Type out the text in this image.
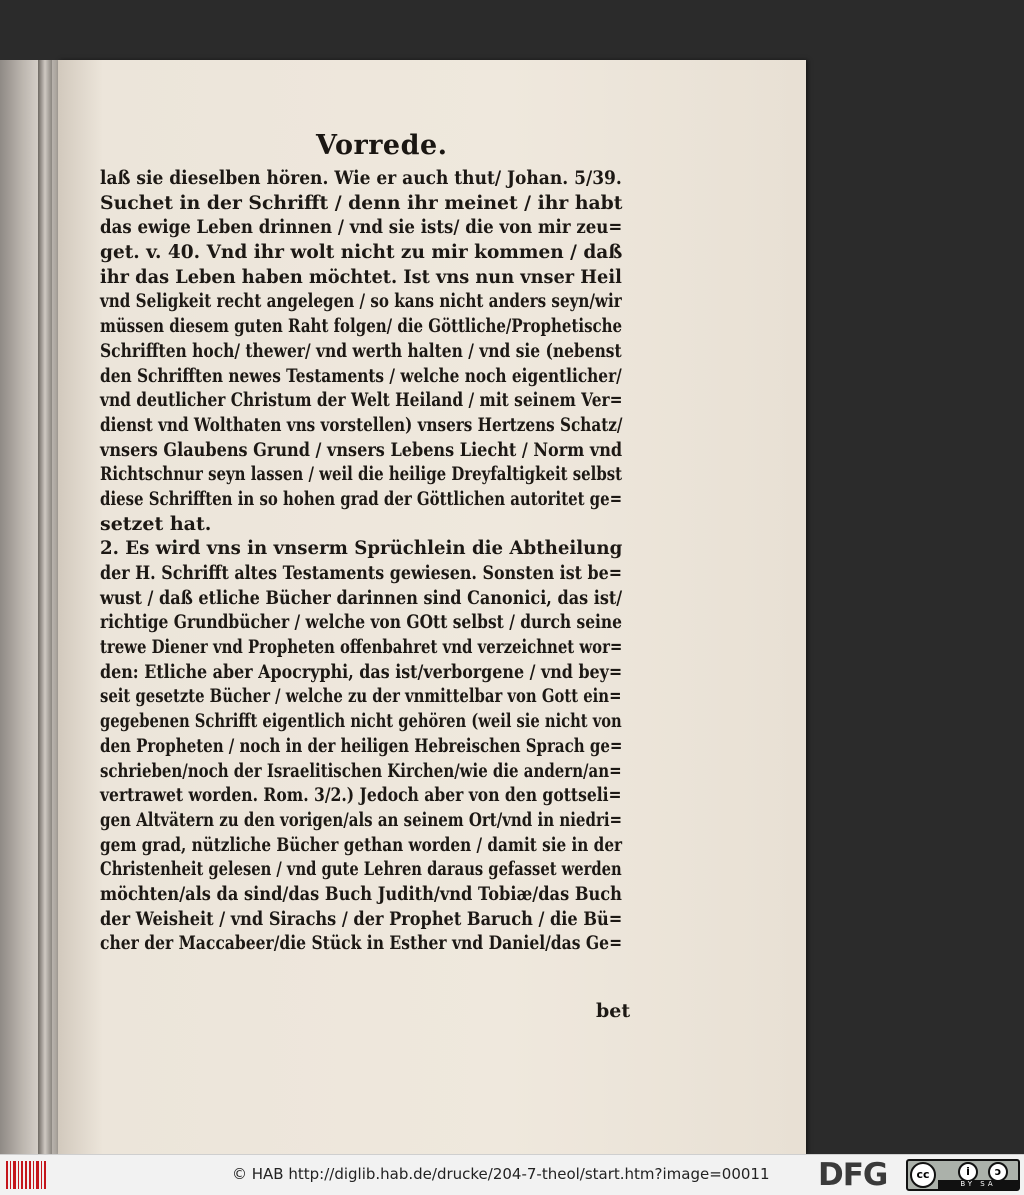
Vorrede.
laß sie dieselben hören. Wie er auch thut/ Johan. 5/39.
Suchet in der Schrifft / denn ihr meinet / ihr habt
das ewige Leben drinnen / vnd sie ists/ die von mir zeu=
get. v. 40. Vnd ihr wolt nicht zu mir kommen / daß
ihr das Leben haben möchtet. Ist vns nun vnser Heil
vnd Seligkeit recht angelegen / so kans nicht anders seyn/wir
müssen diesem guten Raht folgen/ die Göttliche/Prophetische
Schrifften hoch/ thewer/ vnd werth halten / vnd sie (nebenst
den Schrifften newes Testaments / welche noch eigentlicher/
vnd deutlicher Christum der Welt Heiland / mit seinem Ver=
dienst vnd Wolthaten vns vorstellen) vnsers Hertzens Schatz/
vnsers Glaubens Grund / vnsers Lebens Liecht / Norm vnd
Richtschnur seyn lassen / weil die heilige Dreyfaltigkeit selbst
diese Schrifften in so hohen grad der Göttlichen autoritet ge=
setzet hat.
2. Es wird vns in vnserm Sprüchlein die Abtheilung
der H. Schrifft altes Testaments gewiesen. Sonsten ist be=
wust / daß etliche Bücher darinnen sind Canonici, das ist/
richtige Grundbücher / welche von GOtt selbst / durch seine
trewe Diener vnd Propheten offenbahret vnd verzeichnet wor=
den: Etliche aber Apocryphi, das ist/verborgene / vnd bey=
seit gesetzte Bücher / welche zu der vnmittelbar von Gott ein=
gegebenen Schrifft eigentlich nicht gehören (weil sie nicht von
den Propheten / noch in der heiligen Hebreischen Sprach ge=
schrieben/noch der Israelitischen Kirchen/wie die andern/an=
vertrawet worden. Rom. 3/2.) Jedoch aber von den gottseli=
gen Altvätern zu den vorigen/als an seinem Ort/vnd in niedri=
gem grad, nützliche Bücher gethan worden / damit sie in der
Christenheit gelesen / vnd gute Lehren daraus gefasset werden
möchten/als da sind/das Buch Judith/vnd Tobiæ/das Buch
der Weisheit / vnd Sirachs / der Prophet Baruch / die Bü=
cher der Maccabeer/die Stück in Esther vnd Daniel/das Ge=
bet
© HAB http://diglib.hab.de/drucke/204-7-theol/start.htm?image=00011 DFG	cc	i	ↄ
BY SA
